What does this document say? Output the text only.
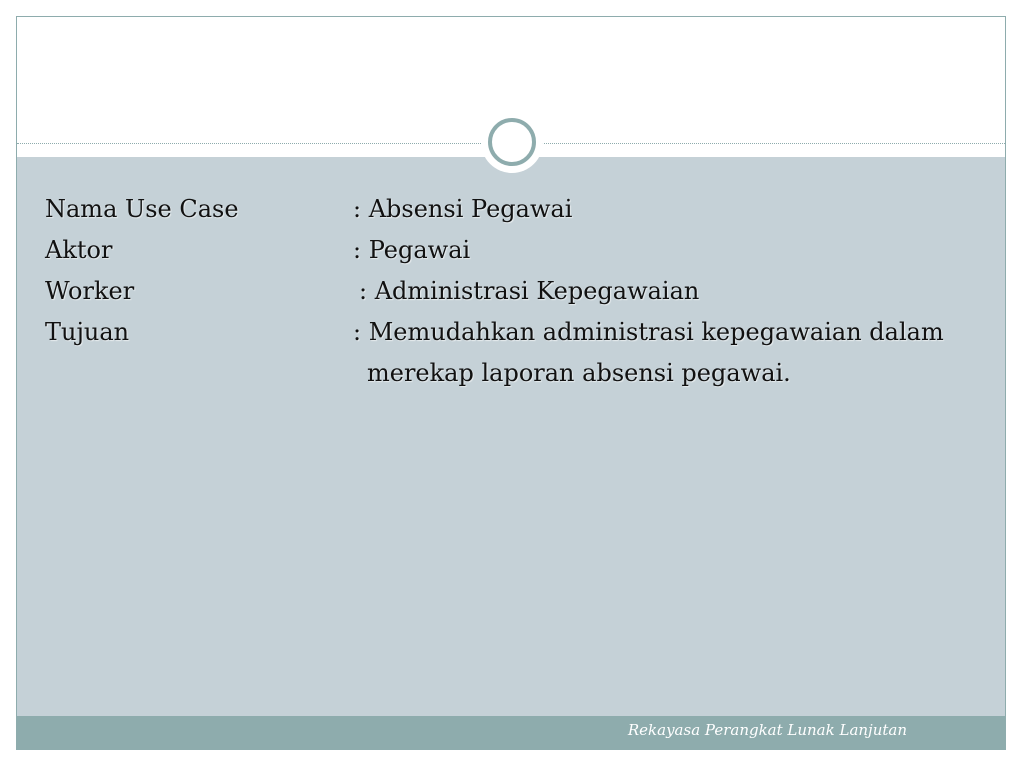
Nama Use Case	: Absensi Pegawai
Aktor	: Pegawai
Worker	: Administrasi Kepegawaian
Tujuan	: Memudahkan administrasi kepegawaian dalam
merekap laporan absensi pegawai.
Rekayasa Perangkat Lunak Lanjutan
